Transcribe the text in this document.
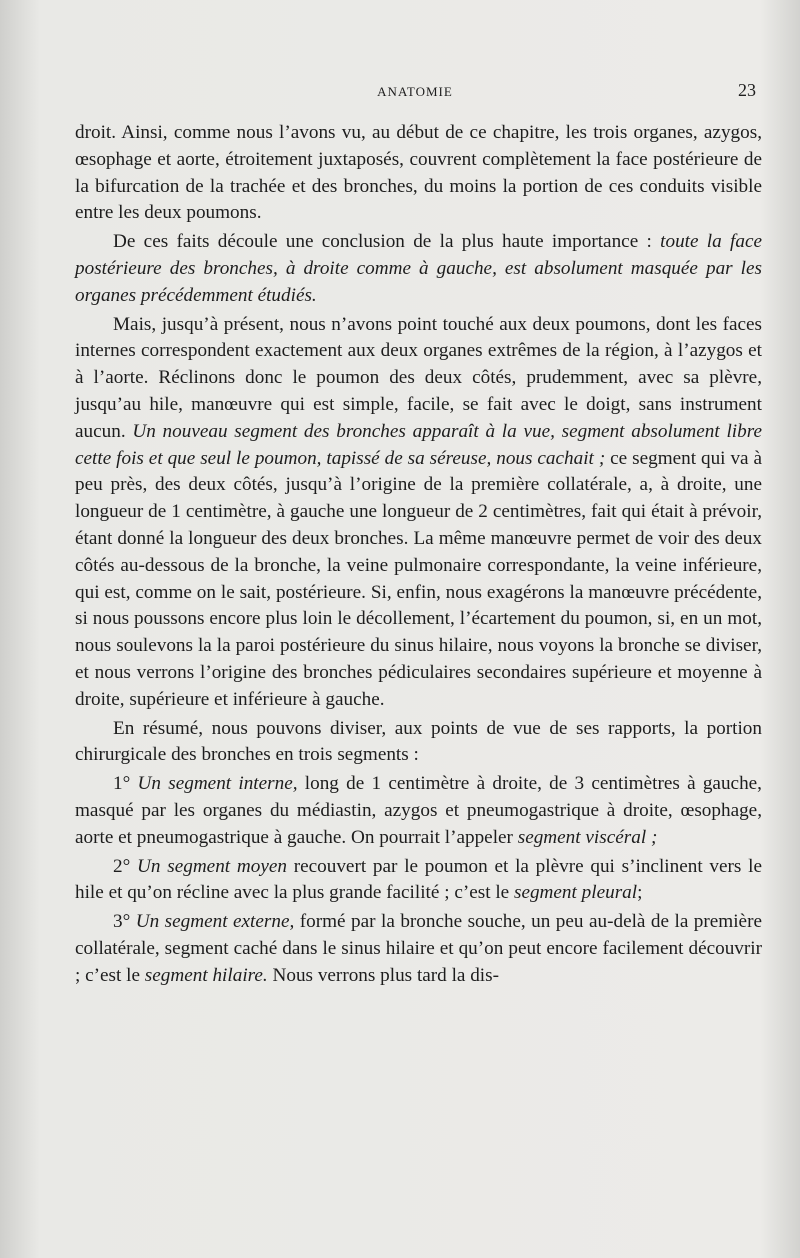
ANATOMIE	23

droit. Ainsi, comme nous l’avons vu, au début de ce chapitre, les trois organes, azygos, œsophage et aorte, étroitement juxtaposés, couvrent complètement la face postérieure de la bifurcation de la trachée et des bronches, du moins la portion de ces conduits visible entre les deux poumons.

De ces faits découle une conclusion de la plus haute importance : toute la face postérieure des bronches, à droite comme à gauche, est absolument masquée par les organes précédemment étudiés.

Mais, jusqu’à présent, nous n’avons point touché aux deux poumons, dont les faces internes correspondent exactement aux deux organes extrêmes de la région, à l’azygos et à l’aorte. Réclinons donc le poumon des deux côtés, prudemment, avec sa plèvre, jusqu’au hile, manœuvre qui est simple, facile, se fait avec le doigt, sans instrument aucun. Un nouveau segment des bronches apparaît à la vue, segment absolument libre cette fois et que seul le poumon, tapissé de sa séreuse, nous cachait ; ce segment qui va à peu près, des deux côtés, jusqu’à l’origine de la première collatérale, a, à droite, une longueur de 1 centimètre, à gauche une longueur de 2 centimètres, fait qui était à prévoir, étant donné la longueur des deux bronches. La même manœuvre permet de voir des deux côtés au-dessous de la bronche, la veine pulmonaire correspondante, la veine inférieure, qui est, comme on le sait, postérieure. Si, enfin, nous exagérons la manœuvre précédente, si nous poussons encore plus loin le décollement, l’écartement du poumon, si, en un mot, nous soulevons la la paroi postérieure du sinus hilaire, nous voyons la bronche se diviser, et nous verrons l’origine des bronches pédiculaires secondaires supérieure et moyenne à droite, supérieure et inférieure à gauche.

En résumé, nous pouvons diviser, aux points de vue de ses rapports, la portion chirurgicale des bronches en trois segments :

1° Un segment interne, long de 1 centimètre à droite, de 3 centimètres à gauche, masqué par les organes du médiastin, azygos et pneumogastrique à droite, œsophage, aorte et pneumogastrique à gauche. On pourrait l’appeler segment viscéral ;

2° Un segment moyen recouvert par le poumon et la plèvre qui s’inclinent vers le hile et qu’on récline avec la plus grande facilité ; c’est le segment pleural;

3° Un segment externe, formé par la bronche souche, un peu au-delà de la première collatérale, segment caché dans le sinus hilaire et qu’on peut encore facilement découvrir ; c’est le segment hilaire. Nous verrons plus tard la dis-
